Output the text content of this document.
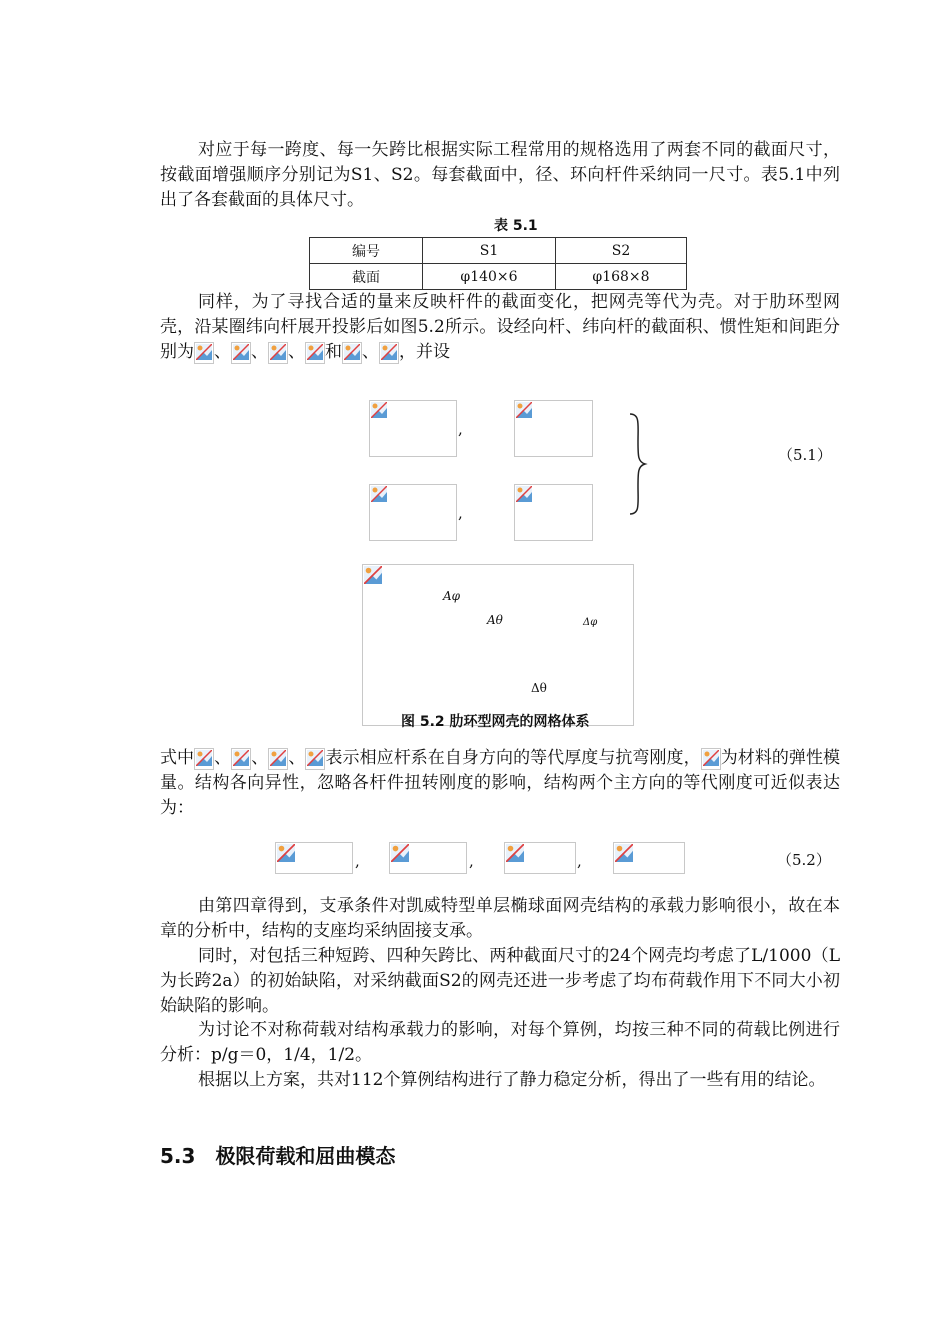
对应于每一跨度、每一矢跨比根据实际工程常用的规格选用了两套不同的截面尺寸，按截面增强顺序分别记为S1、S2。每套截面中，径、环向杆件采纳同一尺寸。表5.1中列出了各套截面的具体尺寸。
表 5.1
编号	S1	S2
截面	φ140×6	φ168×8
同样，为了寻找合适的量来反映杆件的截面变化，把网壳等代为壳。对于肋环型网壳，沿某圈纬向杆展开投影后如图5.2所示。设经向杆、纬向杆的截面积、惯性矩和间距分别为 、 、 、 和 、 ，并设
,
,
（5.1）
Aφ
Aθ	Δφ
Δθ
图 5.2 肋环型网壳的网格体系
式中 、 、 、 表示相应杆系在自身方向的等代厚度与抗弯刚度， 为材料的弹性模量。结构各向异性，忽略各杆件扭转刚度的影响，结构两个主方向的等代刚度可近似表达为：
,	,	,	（5.2）
由第四章得到，支承条件对凯威特型单层椭球面网壳结构的承载力影响很小，故在本章的分析中，结构的支座均采纳固接支承。
同时，对包括三种短跨、四种矢跨比、两种截面尺寸的24个网壳均考虑了L/1000（L为长跨2a）的初始缺陷，对采纳截面S2的网壳还进一步考虑了均布荷载作用下不同大小初始缺陷的影响。
为讨论不对称荷载对结构承载力的影响，对每个算例，均按三种不同的荷载比例进行分析：p/g＝0，1/4，1/2。
根据以上方案，共对112个算例结构进行了静力稳定分析，得出了一些有用的结论。
5.3 极限荷载和屈曲模态
